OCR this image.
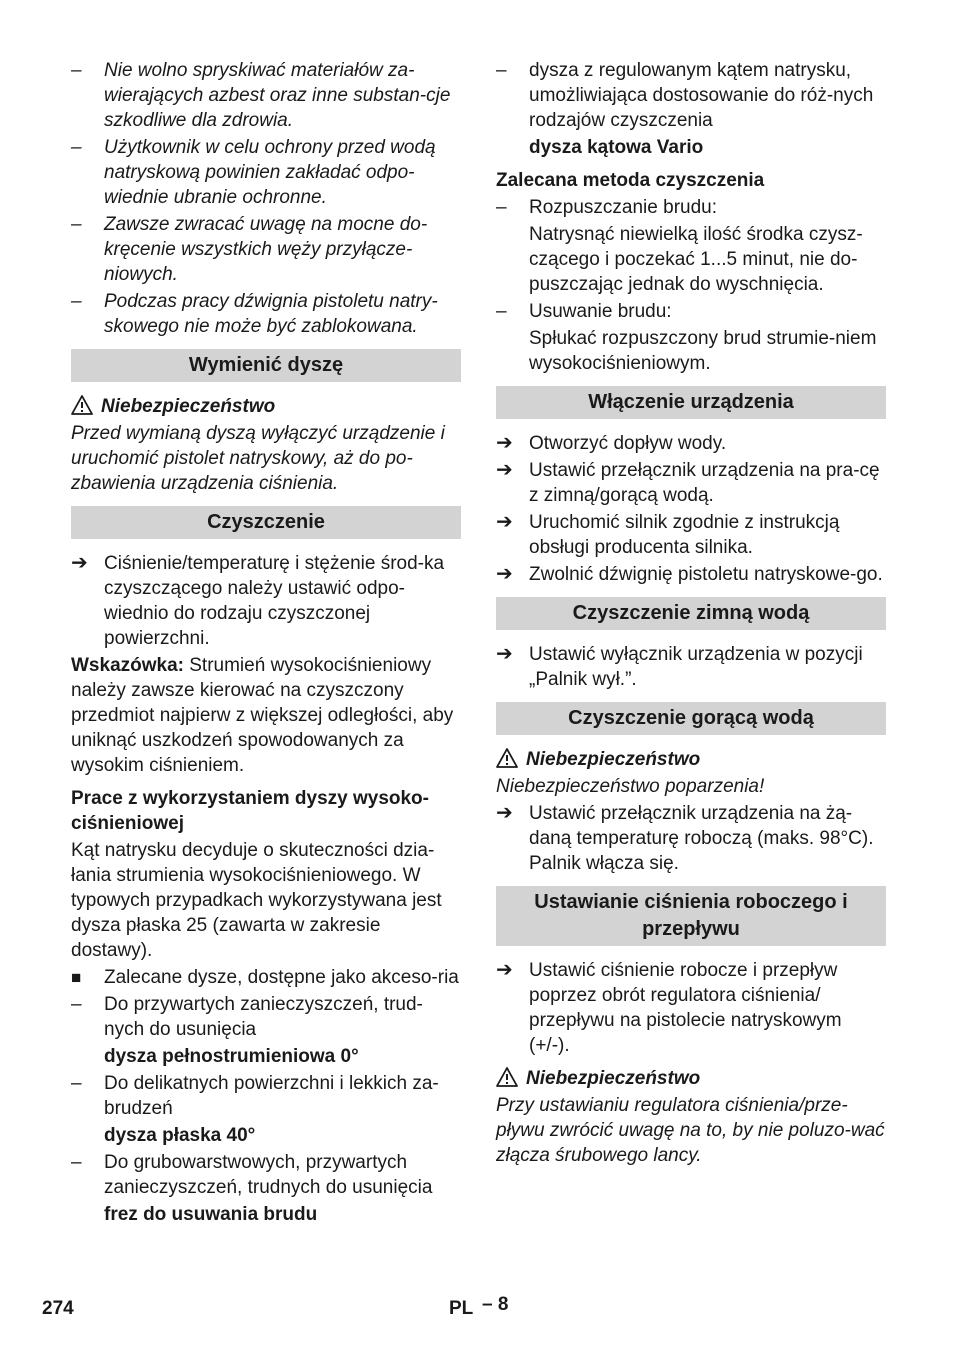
–	Nie wolno spryskiwać materiałów za-wierających azbest oraz inne substan-cje szkodliwe dla zdrowia.
–	Użytkownik w celu ochrony przed wodą natryskową powinien zakładać odpo-wiednie ubranie ochronne.
–	Zawsze zwracać uwagę na mocne do-kręcenie wszystkich węży przyłącze-niowych.
–	Podczas pracy dźwignia pistoletu natry-skowego nie może być zablokowana.
Wymienić dyszę
Niebezpieczeństwo
Przed wymianą dyszą wyłączyć urządzenie i uruchomić pistolet natryskowy, aż do po-zbawienia urządzenia ciśnienia.
Czyszczenie
➔ Ciśnienie/temperaturę i stężenie środ-ka czyszczącego należy ustawić odpo-wiednio do rodzaju czyszczonej powierzchni.
Wskazówka: Strumień wysokociśnieniowy należy zawsze kierować na czyszczony przedmiot najpierw z większej odległości, aby uniknąć uszkodzeń spowodowanych za wysokim ciśnieniem.
Prace z wykorzystaniem dyszy wysoko-ciśnieniowej
Kąt natrysku decyduje o skuteczności dzia-łania strumienia wysokociśnieniowego. W typowych przypadkach wykorzystywana jest dysza płaska 25 (zawarta w zakresie dostawy).
■	Zalecane dysze, dostępne jako akceso-ria
–	Do przywartych zanieczyszczeń, trud-nych do usunięcia
dysza pełnostrumieniowa 0°
–	Do delikatnych powierzchni i lekkich za-brudzeń
dysza płaska 40°
–	Do grubowarstwowych, przywartych zanieczyszczeń, trudnych do usunięcia
frez do usuwania brudu
–	dysza z regulowanym kątem natrysku, umożliwiająca dostosowanie do róż-nych rodzajów czyszczenia
dysza kątowa Vario
Zalecana metoda czyszczenia
–	Rozpuszczanie brudu:
Natrysnąć niewielką ilość środka czysz-czącego i poczekać 1...5 minut, nie do-puszczając jednak do wyschnięcia.
–	Usuwanie brudu:
Spłukać rozpuszczony brud strumie-niem wysokociśnieniowym.
Włączenie urządzenia
➔ Otworzyć dopływ wody.
➔ Ustawić przełącznik urządzenia na pra-cę z zimną/gorącą wodą.
➔ Uruchomić silnik zgodnie z instrukcją obsługi producenta silnika.
➔ Zwolnić dźwignię pistoletu natryskowe-go.
Czyszczenie zimną wodą
➔ Ustawić wyłącznik urządzenia w pozycji „Palnik wył.”.
Czyszczenie gorącą wodą
Niebezpieczeństwo
Niebezpieczeństwo poparzenia!
➔ Ustawić przełącznik urządzenia na żą-daną temperaturę roboczą (maks. 98°C). Palnik włącza się.
Ustawianie ciśnienia roboczego i przepływu
➔ Ustawić ciśnienie robocze i przepływ poprzez obrót regulatora ciśnienia/ przepływu na pistolecie natryskowym (+/-).
Niebezpieczeństwo
Przy ustawianiu regulatora ciśnienia/prze-pływu zwrócić uwagę na to, by nie poluzo-wać złącza śrubowego lancy.
274	PL – 8
